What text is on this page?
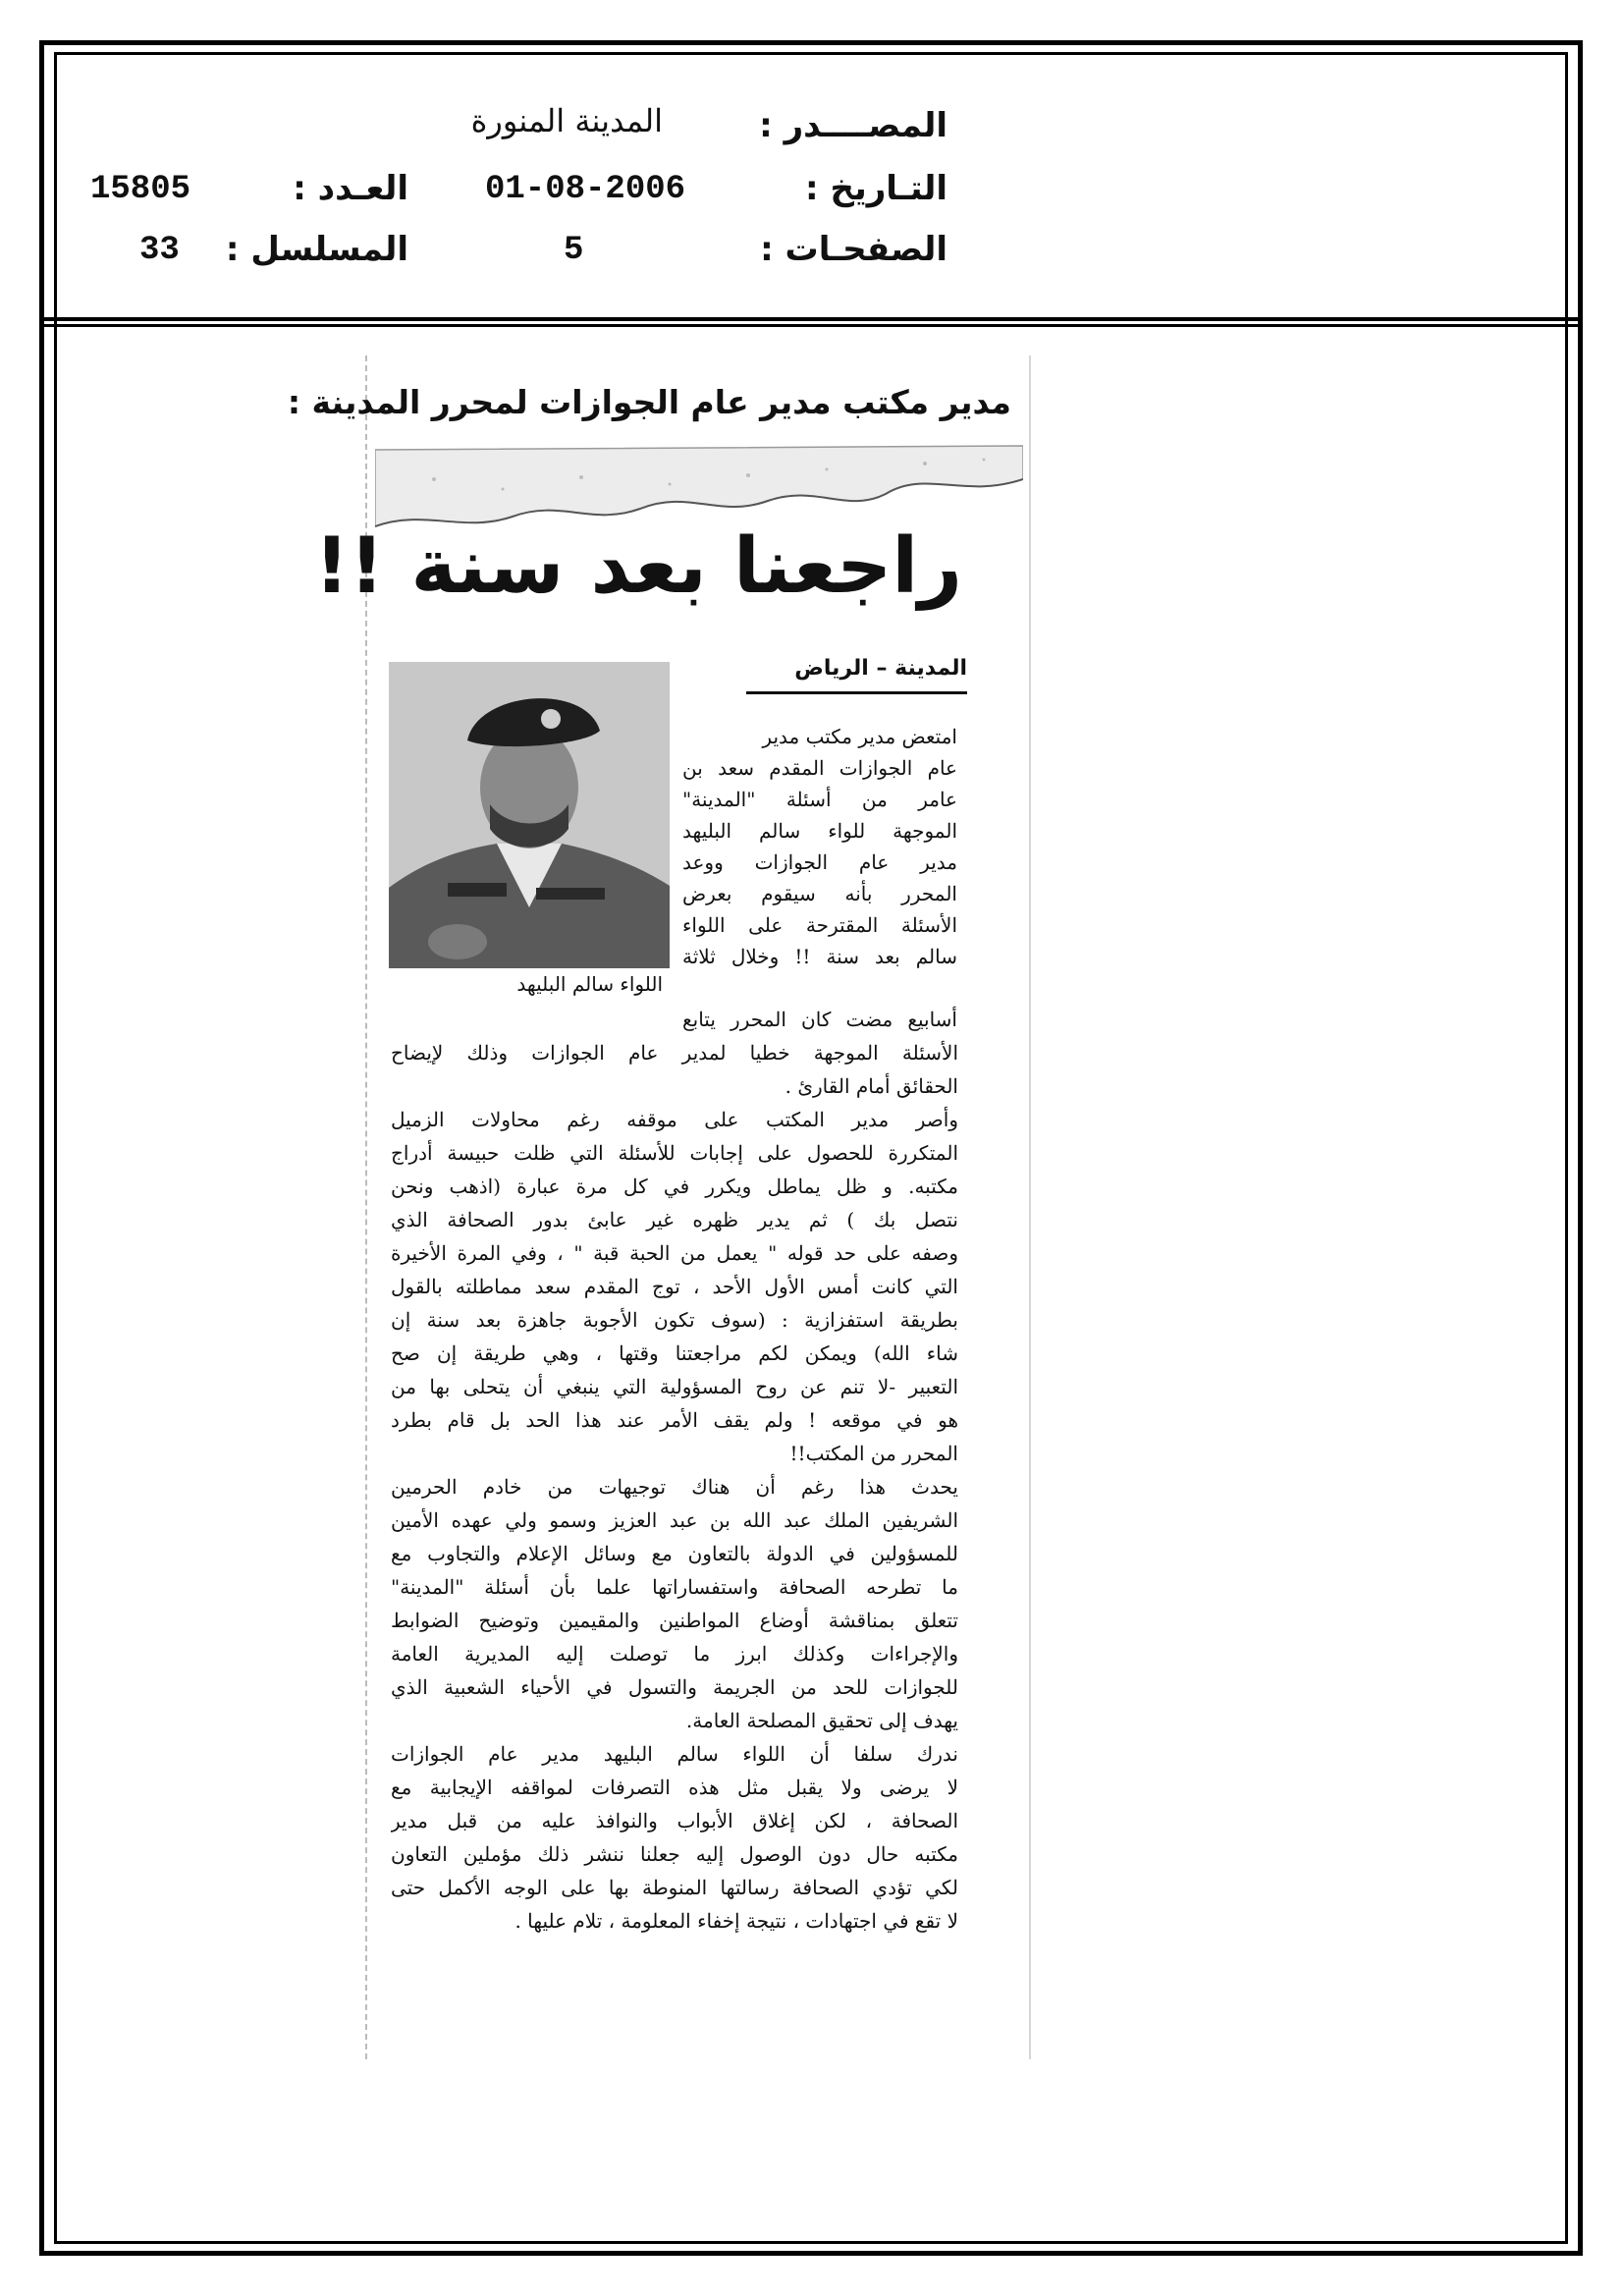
المصــــدر :
المدينة المنورة
التـاريخ :
01-08-2006
العـدد :
15805
الصفحـات :
5
المسلسل :
33
مدير مكتب مدير عام الجوازات لمحرر المدينة :
راجعنا بعد سنة !!
المدينة – الرياض
اللواء سالم البليهد
امتعض مدير مكتب مدير
عام الجوازات المقدم سعد بن
عامر من أسئلة "المدينة"
الموجهة للواء سالم البليهد
مدير عام الجوازات ووعد
المحرر بأنه سيقوم بعرض
الأسئلة المقترحة على اللواء
سالم بعد سنة !! وخلال ثلاثة
أسابيع مضت كان المحرر يتابع
الأسئلة الموجهة خطيا لمدير عام الجوازات وذلك لإيضاح
الحقائق أمام القارئ .
وأصر مدير المكتب على موقفه رغم محاولات الزميل
المتكررة للحصول على إجابات للأسئلة التي ظلت حبيسة أدراج
مكتبه. و ظل يماطل ويكرر في كل مرة عبارة (اذهب ونحن
نتصل بك ) ثم يدير ظهره غير عابئ بدور الصحافة الذي
وصفه على حد قوله " يعمل من الحبة قبة " ، وفي المرة الأخيرة
التي كانت أمس الأول الأحد ، توج المقدم سعد مماطلته بالقول
بطريقة استفزازية : (سوف تكون الأجوبة جاهزة بعد سنة إن
شاء الله) ويمكن لكم مراجعتنا وقتها ، وهي طريقة إن صح
التعبير -لا تنم عن روح المسؤولية التي ينبغي أن يتحلى بها من
هو في موقعه ! ولم يقف الأمر عند هذا الحد بل قام بطرد
المحرر من المكتب!!
يحدث هذا رغم أن هناك توجيهات من خادم الحرمين
الشريفين الملك عبد الله بن عبد العزيز وسمو ولي عهده الأمين
للمسؤولين في الدولة بالتعاون مع وسائل الإعلام والتجاوب مع
ما تطرحه الصحافة واستفساراتها علما بأن أسئلة "المدينة"
تتعلق بمناقشة أوضاع المواطنين والمقيمين وتوضيح الضوابط
والإجراءات وكذلك ابرز ما توصلت إليه المديرية العامة
للجوازات للحد من الجريمة والتسول في الأحياء الشعبية الذي
يهدف إلى تحقيق المصلحة العامة.
ندرك سلفا أن اللواء سالم البليهد مدير عام الجوازات
لا يرضى ولا يقبل مثل هذه التصرفات لمواقفه الإيجابية مع
الصحافة ، لكن إغلاق الأبواب والنوافذ عليه من قبل مدير
مكتبه حال دون الوصول إليه جعلنا ننشر ذلك مؤملين التعاون
لكي تؤدي الصحافة رسالتها المنوطة بها على الوجه الأكمل حتى
لا تقع في اجتهادات ، نتيجة إخفاء المعلومة ، تلام عليها .
